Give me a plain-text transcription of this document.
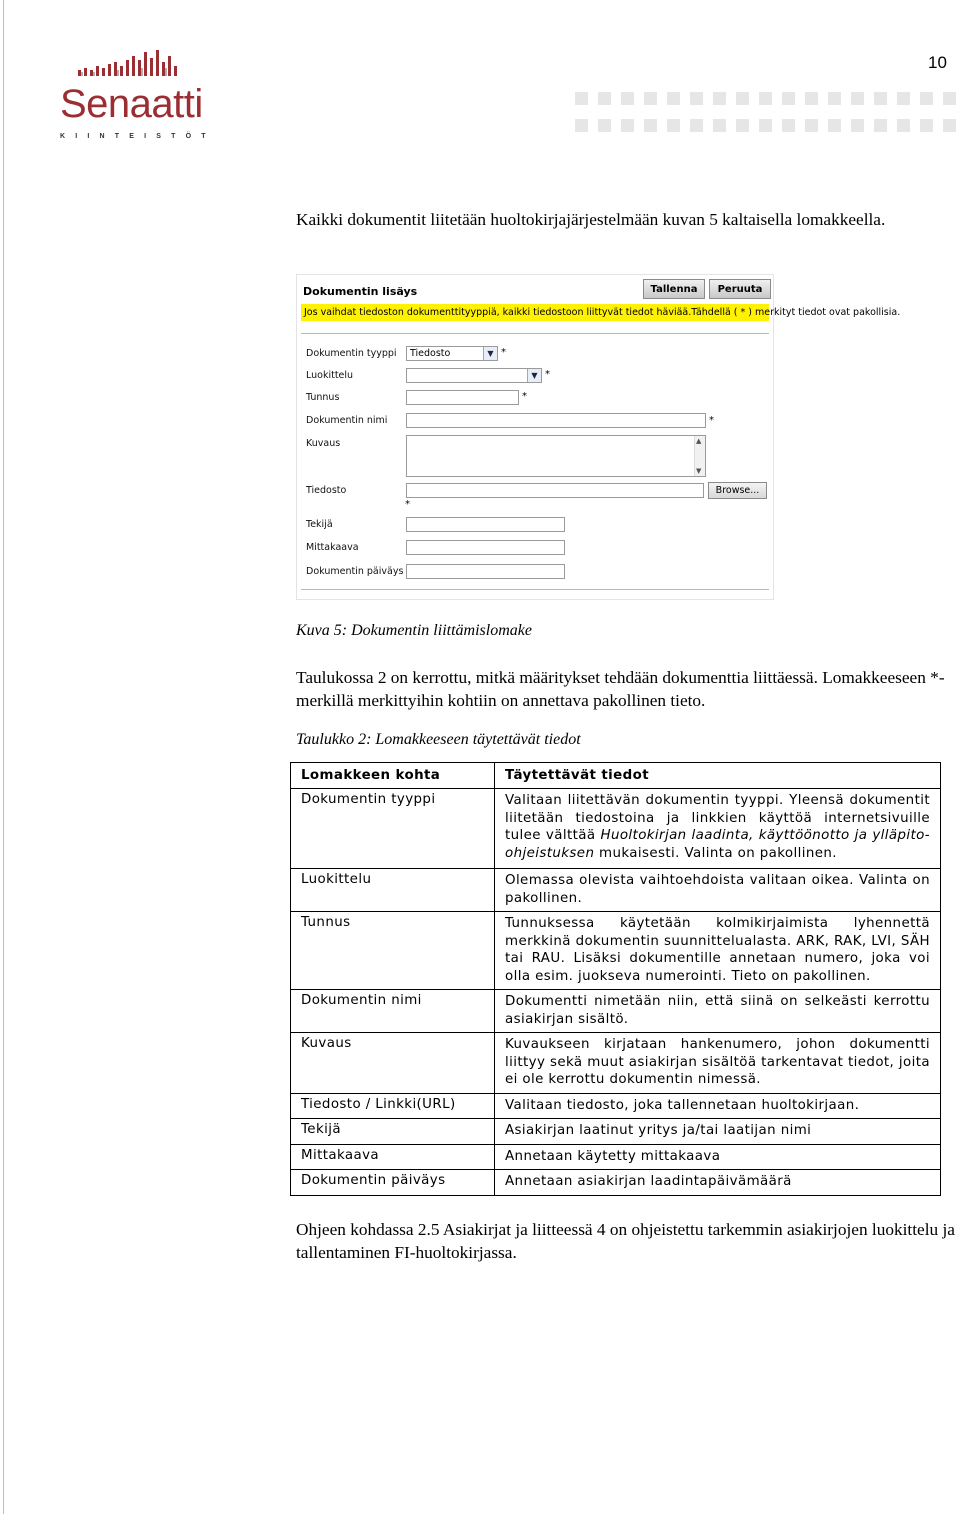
10
Senaatti
KIINTEISTÖT
Kaikki dokumentit liitetään huoltokirjajärjestelmään kuvan 5 kaltaisella lomakkeella.
Dokumentin lisäys	Tallenna	Peruuta
Jos vaihdat tiedoston dokumenttityyppiä, kaikki tiedostoon liittyvät tiedot häviää.Tähdellä ( * ) merkityt tiedot ovat pakollisia.
Dokumentin tyyppi	Tiedosto	▼ *
Luokittelu	▼ *
Tunnus	*
Dokumentin nimi	*
Kuvaus	▲
▼
Tiedosto	Browse...
*
Tekijä
Mittakaava
Dokumentin päiväys
Kuva 5: Dokumentin liittämislomake
Taulukossa 2 on kerrottu, mitkä määritykset tehdään dokumenttia liittäessä. Lomakkeeseen *-merkillä merkittyihin kohtiin on annettava pakollinen tieto.
Taulukko 2: Lomakkeeseen täytettävät tiedot
Lomakkeen kohta	Täytettävät tiedot
Dokumentin tyyppi	Valitaan liitettävän dokumentin tyyppi. Yleensä dokumentit liitetään tiedostoina ja linkkien käyttöä internetsivuille tulee välttää Huoltokirjan laadinta, käyttöönotto ja ylläpito- ohjeistuksen mukaisesti. Valinta on pakollinen.
Luokittelu	Olemassa olevista vaihtoehdoista valitaan oikea. Valinta on pakollinen.
Tunnus	Tunnuksessa käytetään kolmikirjaimista lyhennettä merkkinä dokumentin suunnittelualasta. ARK, RAK, LVI, SÄH tai RAU. Lisäksi dokumentille annetaan numero, joka voi olla esim. juokseva numerointi. Tieto on pakollinen.
Dokumentin nimi	Dokumentti nimetään niin, että siinä on selkeästi kerrottu asiakirjan sisältö.
Kuvaus	Kuvaukseen kirjataan hankenumero, johon dokumentti liittyy sekä muut asiakirjan sisältöä tarkentavat tiedot, joita ei ole kerrottu dokumentin nimessä.
Tiedosto / Linkki(URL)	Valitaan tiedosto, joka tallennetaan huoltokirjaan.
Tekijä	Asiakirjan laatinut yritys ja/tai laatijan nimi
Mittakaava	Annetaan käytetty mittakaava
Dokumentin päiväys	Annetaan asiakirjan laadintapäivämäärä
Ohjeen kohdassa 2.5 Asiakirjat ja liitteessä 4 on ohjeistettu tarkemmin asiakirjojen luokittelu ja tallentaminen FI-huoltokirjassa.
